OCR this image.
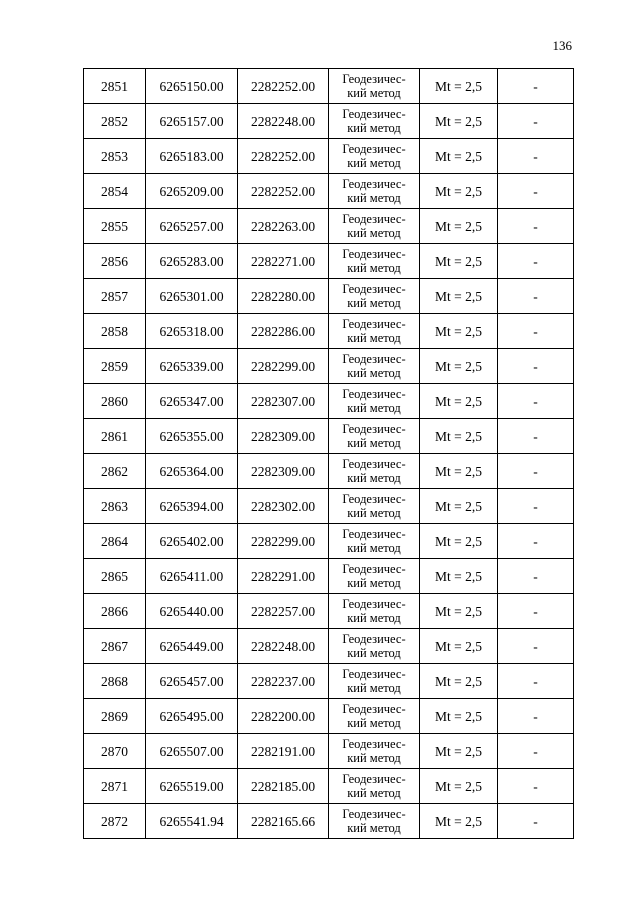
136
2851	6265150.00	2282252.00	Геодезичес-
кий метод	Mt = 2,5	-
2852	6265157.00	2282248.00	Геодезичес-
кий метод	Mt = 2,5	-
2853	6265183.00	2282252.00	Геодезичес-
кий метод	Mt = 2,5	-
2854	6265209.00	2282252.00	Геодезичес-
кий метод	Mt = 2,5	-
2855	6265257.00	2282263.00	Геодезичес-
кий метод	Mt = 2,5	-
2856	6265283.00	2282271.00	Геодезичес-
кий метод	Mt = 2,5	-
2857	6265301.00	2282280.00	Геодезичес-
кий метод	Mt = 2,5	-
2858	6265318.00	2282286.00	Геодезичес-
кий метод	Mt = 2,5	-
2859	6265339.00	2282299.00	Геодезичес-
кий метод	Mt = 2,5	-
2860	6265347.00	2282307.00	Геодезичес-
кий метод	Mt = 2,5	-
2861	6265355.00	2282309.00	Геодезичес-
кий метод	Mt = 2,5	-
2862	6265364.00	2282309.00	Геодезичес-
кий метод	Mt = 2,5	-
2863	6265394.00	2282302.00	Геодезичес-
кий метод	Mt = 2,5	-
2864	6265402.00	2282299.00	Геодезичес-
кий метод	Mt = 2,5	-
2865	6265411.00	2282291.00	Геодезичес-
кий метод	Mt = 2,5	-
2866	6265440.00	2282257.00	Геодезичес-
кий метод	Mt = 2,5	-
2867	6265449.00	2282248.00	Геодезичес-
кий метод	Mt = 2,5	-
2868	6265457.00	2282237.00	Геодезичес-
кий метод	Mt = 2,5	-
2869	6265495.00	2282200.00	Геодезичес-
кий метод	Mt = 2,5	-
2870	6265507.00	2282191.00	Геодезичес-
кий метод	Mt = 2,5	-
2871	6265519.00	2282185.00	Геодезичес-
кий метод	Mt = 2,5	-
2872	6265541.94	2282165.66	Геодезичес-
кий метод	Mt = 2,5	-
